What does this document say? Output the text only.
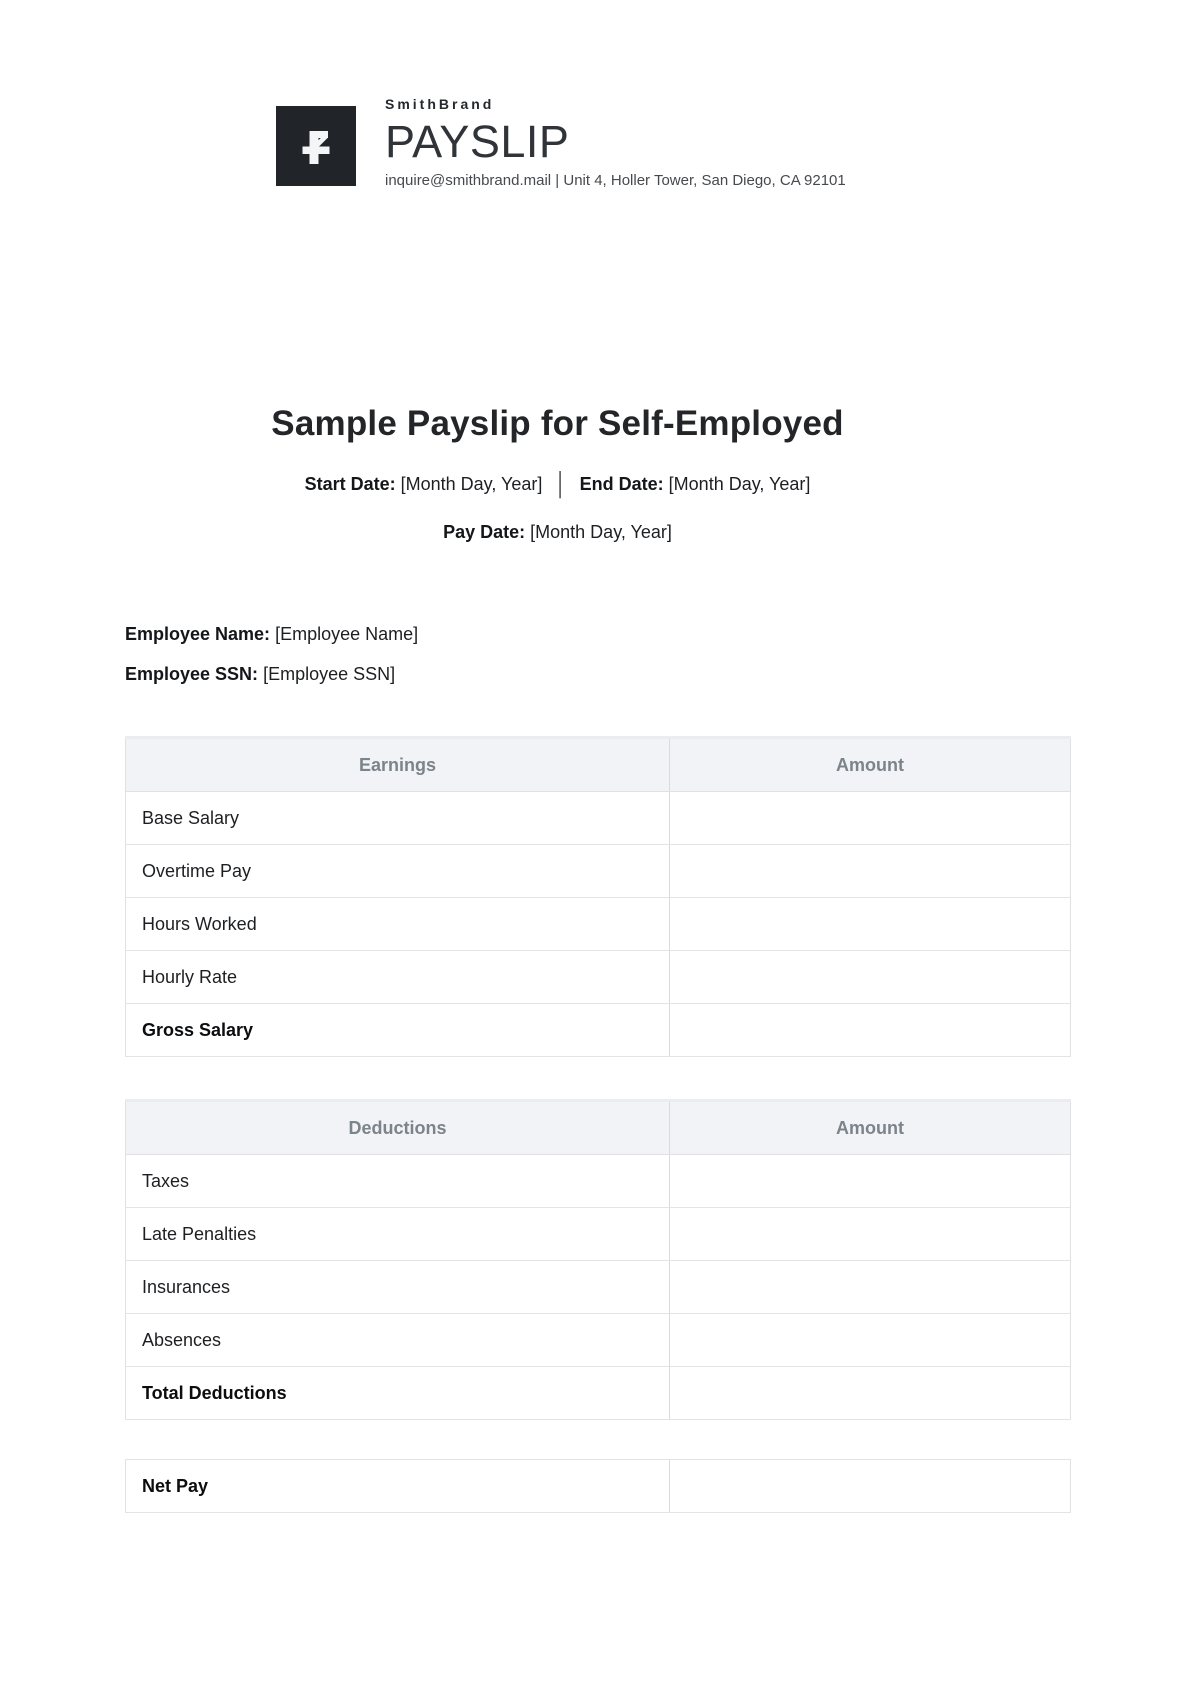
SmithBrand
PAYSLIP
inquire@smithbrand.mail | Unit 4, Holler Tower, San Diego, CA 92101
Sample Payslip for Self-Employed

Start Date: [Month Day, Year] │ End Date: [Month Day, Year]

Pay Date: [Month Day, Year]

Employee Name: [Employee Name]

Employee SSN: [Employee SSN]

Earnings	Amount
Base Salary	
Overtime Pay	
Hours Worked	
Hourly Rate	
Gross Salary	
Deductions	Amount
Taxes	
Late Penalties	
Insurances	
Absences	
Total Deductions	
Net Pay	
